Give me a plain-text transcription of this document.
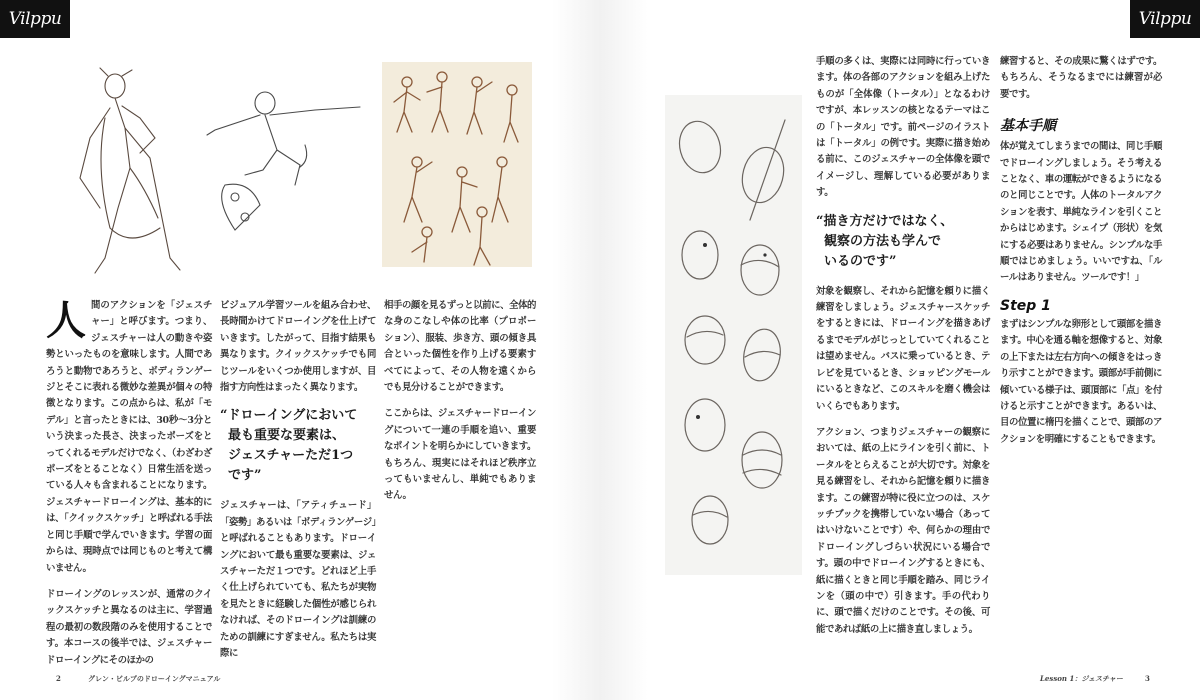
Vilppu

人間のアクションを「ジェスチャー」と呼びます。つまり、ジェスチャーは人の動きや姿勢といったものを意味します。人間であろうと動物であろうと、ボディランゲージとそこに表れる微妙な差異が個々の特徴となります。この点からは、私が「モデル」と言ったときには、30秒〜3分という決まった長さ、決まったポーズをとってくれるモデルだけでなく、（わざわざポーズをとることなく）日常生活を送っている人々も含まれることになります。ジェスチャードローイングは、基本的には、「クイックスケッチ」と呼ばれる手法と同じ手順で学んでいきます。学習の面からは、現時点では同じものと考えて構いません。

ドローイングのレッスンが、通常のクイックスケッチと異なるのは主に、学習過程の最初の数段階のみを使用することです。本コースの後半では、ジェスチャードローイングにそのほかの

ビジュアル学習ツールを組み合わせ、長時間かけてドローイングを仕上げていきます。したがって、目指す結果も異なります。クイックスケッチでも同じツールをいくつか使用しますが、目指す方向性はまったく異なります。

“ドローイングにおいて
最も重要な要素は、
ジェスチャーただ1つ
です”

ジェスチャーは、「アティチュード」「姿勢」あるいは「ボディランゲージ」と呼ばれることもあります。ドローイングにおいて最も重要な要素は、ジェスチャーただ１つです。どれほど上手く仕上げられていても、私たちが実物を見たときに経験した個性が感じられなければ、そのドローイングは訓練のための訓練にすぎません。私たちは実際に

相手の顔を見るずっと以前に、全体的な身のこなしや体の比率（プロポーション）、服装、歩き方、頭の傾き具合といった個性を作り上げる要素すべてによって、その人物を遠くからでも見分けることができます。

ここからは、ジェスチャードローイングについて一連の手順を追い、重要なポイントを明らかにしていきます。もちろん、現実にはそれほど秩序立ってもいませんし、単純でもありません。

2	グレン・ビルプのドローイングマニュアル
Vilppu

手順の多くは、実際には同時に行っていきます。体の各部のアクションを組み上げたものが「全体像（トータル）」となるわけですが、本レッスンの核となるテーマはこの「トータル」です。前ページのイラストは「トータル」の例です。実際に描き始める前に、このジェスチャーの全体像を頭でイメージし、理解している必要があります。

“描き方だけではなく、
観察の方法も学んで
いるのです”

対象を観察し、それから記憶を頼りに描く練習をしましょう。ジェスチャースケッチをするときには、ドローイングを描きあげるまでモデルがじっとしていてくれることは望めません。バスに乗っているとき、テレビを見ているとき、ショッピングモールにいるときなど、このスキルを磨く機会はいくらでもあります。

アクション、つまりジェスチャーの観察においては、紙の上にラインを引く前に、トータルをとらえることが大切です。対象を見る練習をし、それから記憶を頼りに描きます。この練習が特に役に立つのは、スケッチブックを携帯していない場合（あってはいけないことです）や、何らかの理由でドローイングしづらい状況にいる場合です。頭の中でドローイングするときにも、紙に描くときと同じ手順を踏み、同じラインを（頭の中で）引きます。手の代わりに、頭で描くだけのことです。その後、可能であれば紙の上に描き直しましょう。

練習すると、その成果に驚くはずです。もちろん、そうなるまでには練習が必要です。

基本手順

体が覚えてしまうまでの間は、同じ手順でドローイングしましょう。そう考えることなく、車の運転ができるようになるのと同じことです。人体のトータルアクションを表す、単純なラインを引くことからはじめます。シェイプ（形状）を気にする必要はありません。シンプルな手順ではじめましょう。いいですね、「ルールはありません。ツールです！」

Step 1

まずはシンプルな卵形として頭部を描きます。中心を通る軸を想像すると、対象の上下または左右方向への傾きをはっきり示すことができます。頭部が手前側に傾いている様子は、頭頂部に「点」を付けると示すことができます。あるいは、目の位置に楕円を描くことで、頭部のアクションを明確にすることもできます。

Lesson 1：ジェスチャー	3
